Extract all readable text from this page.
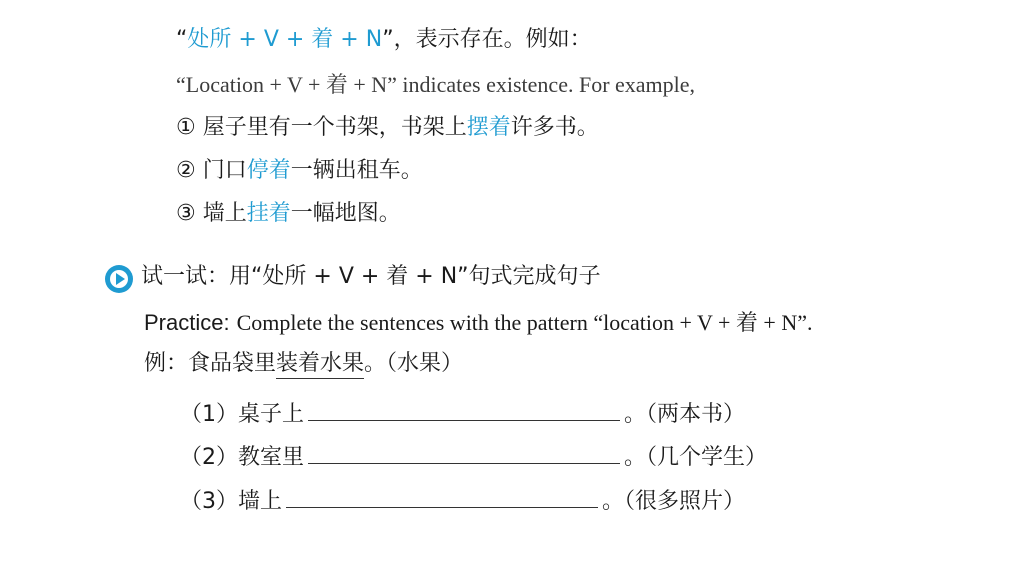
“处所 + V + 着 + N”，表示存在。例如：
“Location + V + 着 + N” indicates existence. For example,
① 屋子里有一个书架，书架上摆着许多书。
② 门口停着一辆出租车。
③ 墙上挂着一幅地图。
试一试：用“处所 + V + 着 + N”句式完成句子
Practice: Complete the sentences with the pattern “location + V + 着 + N”.
例：食品袋里装着水果。（水果）
（1）桌子上	。（两本书）
（2）教室里	。（几个学生）
（3）墙上	。（很多照片）
